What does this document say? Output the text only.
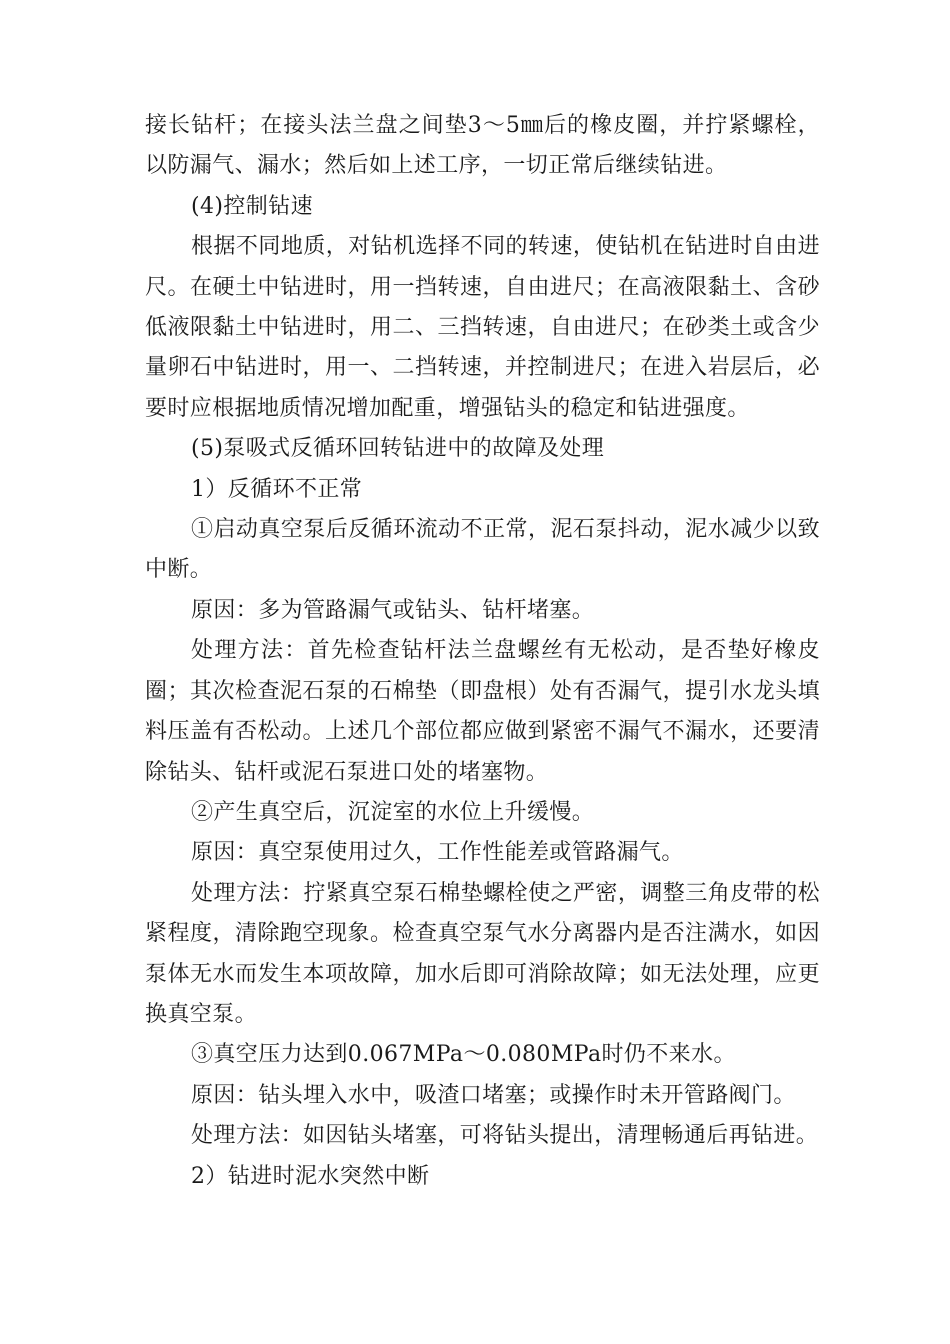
接长钻杆；在接头法兰盘之间垫3～5㎜后的橡皮圈，并拧紧螺栓，以防漏气、漏水；然后如上述工序，一切正常后继续钻进。

(4)控制钻速

根据不同地质，对钻机选择不同的转速，使钻机在钻进时自由进尺。在硬土中钻进时，用一挡转速，自由进尺；在高液限黏土、含砂低液限黏土中钻进时，用二、三挡转速，自由进尺；在砂类土或含少量卵石中钻进时，用一、二挡转速，并控制进尺；在进入岩层后，必要时应根据地质情况增加配重，增强钻头的稳定和钻进强度。

(5)泵吸式反循环回转钻进中的故障及处理

1）反循环不正常

①启动真空泵后反循环流动不正常，泥石泵抖动，泥水减少以致中断。

原因：多为管路漏气或钻头、钻杆堵塞。

处理方法：首先检查钻杆法兰盘螺丝有无松动，是否垫好橡皮圈；其次检查泥石泵的石棉垫（即盘根）处有否漏气，提引水龙头填料压盖有否松动。上述几个部位都应做到紧密不漏气不漏水，还要清除钻头、钻杆或泥石泵进口处的堵塞物。

②产生真空后，沉淀室的水位上升缓慢。

原因：真空泵使用过久，工作性能差或管路漏气。

处理方法：拧紧真空泵石棉垫螺栓使之严密，调整三角皮带的松紧程度，清除跑空现象。检查真空泵气水分离器内是否注满水，如因泵体无水而发生本项故障，加水后即可消除故障；如无法处理，应更换真空泵。

③真空压力达到0.067MPa～0.080MPa时仍不来水。

原因：钻头埋入水中，吸渣口堵塞；或操作时未开管路阀门。

处理方法：如因钻头堵塞，可将钻头提出，清理畅通后再钻进。

2）钻进时泥水突然中断
